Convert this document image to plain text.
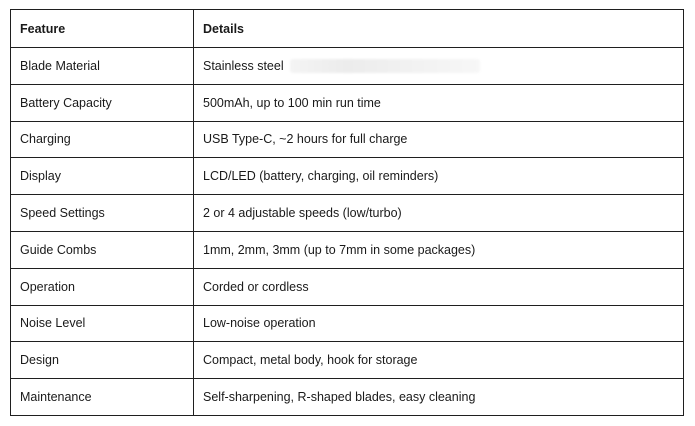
Feature	Details
Blade Material	Stainless steel
Battery Capacity	500mAh, up to 100 min run time
Charging	USB Type-C, ~2 hours for full charge
Display	LCD/LED (battery, charging, oil reminders)
Speed Settings	2 or 4 adjustable speeds (low/turbo)
Guide Combs	1mm, 2mm, 3mm (up to 7mm in some packages)
Operation	Corded or cordless
Noise Level	Low-noise operation
Design	Compact, metal body, hook for storage
Maintenance	Self-sharpening, R-shaped blades, easy cleaning
